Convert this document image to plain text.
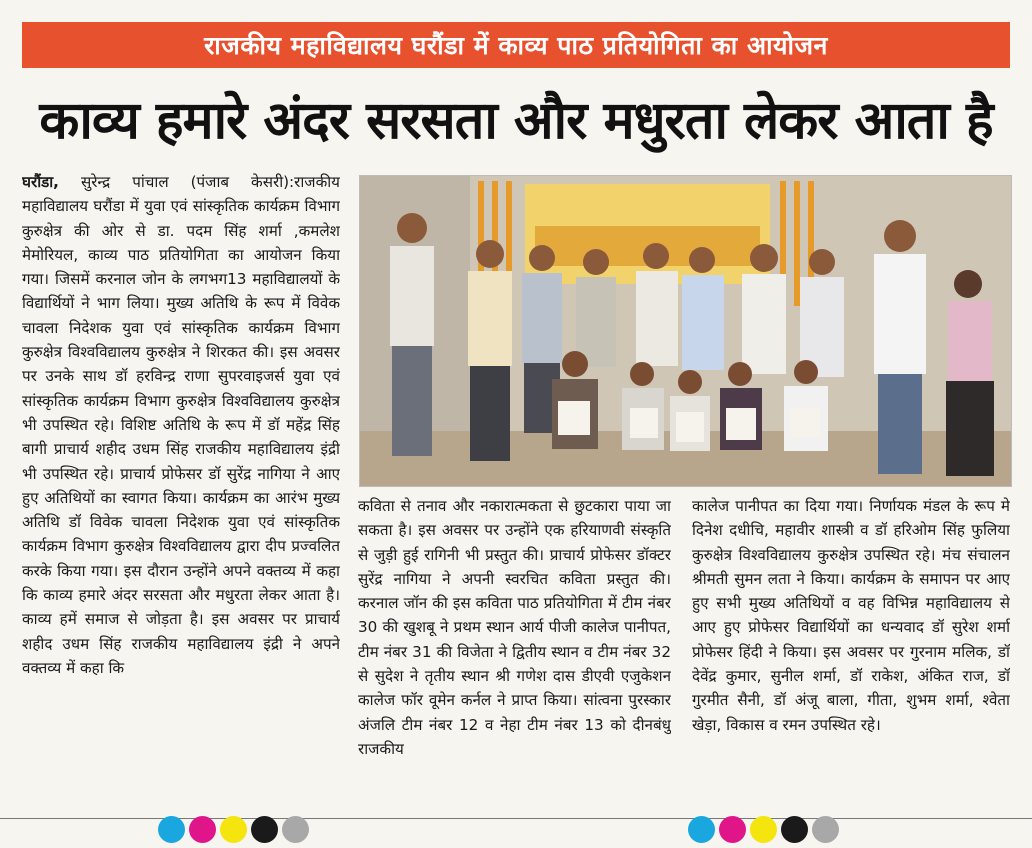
राजकीय महाविद्यालय घरौंडा में काव्य पाठ प्रतियोगिता का आयोजन
काव्य हमारे अंदर सरसता और मधुरता लेकर आता है

घरौंडा, सुरेन्द्र पांचाल (पंजाब केसरी):राजकीय महाविद्यालय घरौंडा में युवा एवं सांस्कृतिक कार्यक्रम विभाग कुरुक्षेत्र की ओर से डा. पदम सिंह शर्मा ,कमलेश मेमोरियल, काव्य पाठ प्रतियोगिता का आयोजन किया गया। जिसमें करनाल जोन के लगभग13 महाविद्यालयों के विद्यार्थियों ने भाग लिया। मुख्य अतिथि के रूप में विवेक चावला निदेशक युवा एवं सांस्कृतिक कार्यक्रम विभाग कुरुक्षेत्र विश्वविद्यालय कुरुक्षेत्र ने शिरकत की। इस अवसर पर उनके साथ डॉ हरविन्द्र राणा सुपरवाइजर्स युवा एवं सांस्कृतिक कार्यक्रम विभाग कुरुक्षेत्र विश्वविद्यालय कुरुक्षेत्र भी उपस्थित रहे। विशिष्ट अतिथि के रूप में डॉ महेंद्र सिंह बागी प्राचार्य शहीद उधम सिंह राजकीय महाविद्यालय इंद्री भी उपस्थित रहे। प्राचार्य प्रोफेसर डॉ सुरेंद्र नागिया ने आए हुए अतिथियों का स्वागत किया। कार्यक्रम का आरंभ मुख्य अतिथि डॉ विवेक चावला निदेशक युवा एवं सांस्कृतिक कार्यक्रम विभाग कुरुक्षेत्र विश्वविद्यालय द्वारा दीप प्रज्वलित करके किया गया। इस दौरान उन्होंने अपने वक्तव्य में कहा कि काव्य हमारे अंदर सरसता और मधुरता लेकर आता है। काव्य हमें समाज से जोड़ता है। इस अवसर पर प्राचार्य शहीद उधम सिंह राजकीय महाविद्यालय इंद्री ने अपने वक्तव्य में कहा कि

कविता से तनाव और नकारात्मकता से छुटकारा पाया जा सकता है। इस अवसर पर उन्होंने एक हरियाणवी संस्कृति से जुड़ी हुई रागिनी भी प्रस्तुत की। प्राचार्य प्रोफेसर डॉक्टर सुरेंद्र नागिया ने अपनी स्वरचित कविता प्रस्तुत की। करनाल जॉन की इस कविता पाठ प्रतियोगिता में टीम नंबर 30 की खुशबू ने प्रथम स्थान आर्य पीजी कालेज पानीपत, टीम नंबर 31 की विजेता ने द्वितीय स्थान व टीम नंबर 32 से सुदेश ने तृतीय स्थान श्री गणेश दास डीएवी एजुकेशन कालेज फॉर वूमेन कर्नल ने प्राप्त किया। सांत्वना पुरस्कार अंजलि टीम नंबर 12 व नेहा टीम नंबर 13 को दीनबंधु राजकीय

कालेज पानीपत का दिया गया। निर्णायक मंडल के रूप मे दिनेश दधीचि, महावीर शास्त्री व डॉ हरिओम सिंह फुलिया कुरुक्षेत्र विश्वविद्यालय कुरुक्षेत्र उपस्थित रहे। मंच संचालन श्रीमती सुमन लता ने किया। कार्यक्रम के समापन पर आए हुए सभी मुख्य अतिथियों व वह विभिन्न महाविद्यालय से आए हुए प्रोफेसर विद्यार्थियों का धन्यवाद डॉ सुरेश शर्मा प्रोफेसर हिंदी ने किया। इस अवसर पर गुरनाम मलिक, डॉ देवेंद्र कुमार, सुनील शर्मा, डॉ राकेश, अंकित राज, डॉ गुरमीत सैनी, डॉ अंजू बाला, गीता, शुभम शर्मा, श्वेता खेड़ा, विकास व रमन उपस्थित रहे।
